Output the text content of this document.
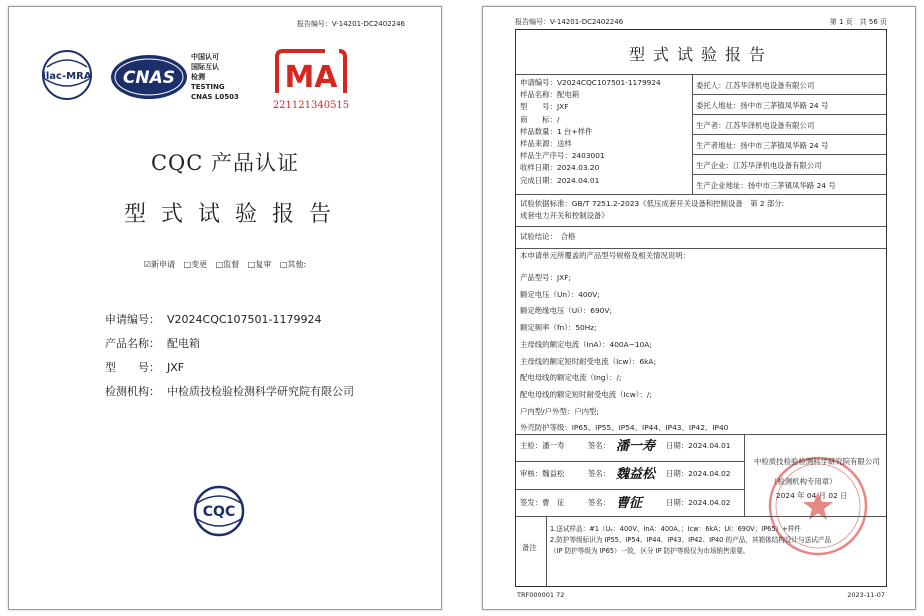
报告编号：V-14201-DC2402246
ilac-MRA CNAS
中国认可
国际互认
检测
TESTING
CNAS L0503
MA
221121340515
CQC 产品认证
型式试验报告
☑新申请 □变更 □监督 □复审 □其他:
申请编号： V2024CQC107501-1179924
产品名称： 配电箱
型　　号： JXF
检测机构： 中检质技检验检测科学研究院有限公司
CQC
报告编号：V-14201-DC2402246	第 1 页　共 56 页
型式试验报告
申请编号：V2024CQC107501-1179924
样品名称：配电箱
型　　号：JXF
商　　标：/
样品数量：1 台+样件
样品来源：送样
样品生产序号：2403001
收样日期：2024.03.20
完成日期：2024.04.01
委托人：江苏华泽机电设备有限公司
委托人地址：扬中市三茅镇凤华路 24 号
生产者：江苏华泽机电设备有限公司
生产者地址：扬中市三茅镇凤华路 24 号
生产企业：江苏华泽机电设备有限公司
生产企业地址：扬中市三茅镇凤华路 24 号
试验依据标准：GB/T 7251.2-2023《低压成套开关设备和控制设备　第 2 部分:
成套电力开关和控制设备》
试验结论：　合格
本申请单元所覆盖的产品型号规格及相关情况说明：
产品型号：JXF;
额定电压（Un）：400V;
额定绝缘电压（Ui）：690V;
额定频率（fn）：50Hz;
主母线的额定电流（InA）：400A~10A;
主母线的额定短时耐受电流（Icw）：6kA;
配电母线的额定电流（Ing）：/;
配电母线的额定短时耐受电流（Icw）：/;
户内型/户外型：户内型;
外壳防护等级：IP65、IP55、IP54、IP44、IP43、IP42、IP40
主检：潘一寿	签名： 潘一寿 日期：2024.04.01
审核：魏益松	签名： 魏益松 日期：2024.04.02
签发：曹　征	签名： 曹征	日期：2024.04.02
中检质技检验检测科学研究院有限公司
（检测机构专用章）
2024 年 04 月 02 日
备注
1.送试样品：#1（Uₑ：400V、InA：400A、；Icw：6kA；Ui：690V；IP65）+样件
2.防护等级标识为 IP55、IP54、IP44、IP43、IP42、IP40 的产品，其箱体结构设计与送试产品
（IP 防护等级为 IP65）一致，区分 IP 防护等级仅为市场销售需要。
TRF000001 72	2023-11-07
